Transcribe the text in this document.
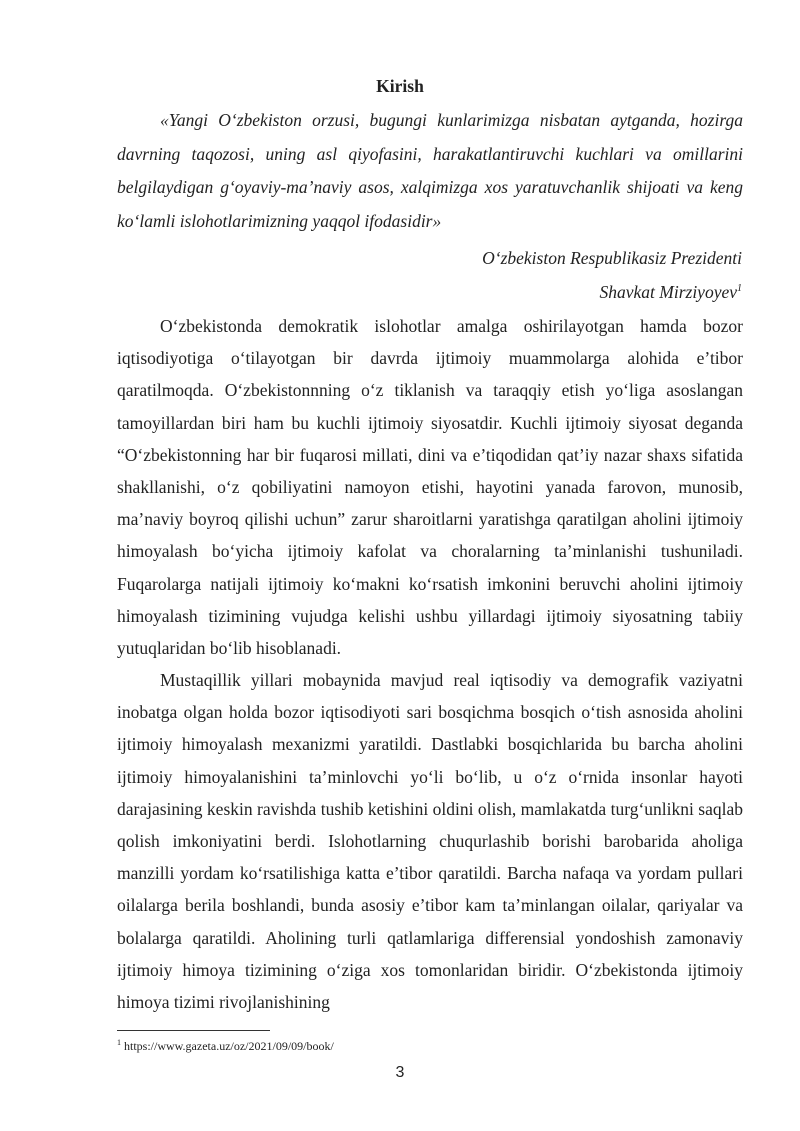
Kirish

«Yangi O‘zbekiston orzusi, bugungi kunlarimizga nisbatan aytganda, hozirga davrning taqozosi, uning asl qiyofasini, harakatlantiruvchi kuchlari va omillarini belgilaydigan g‘oyaviy-ma’naviy asos, xalqimizga xos yaratuvchanlik shijoati va keng ko‘lamli islohotlarimizning yaqqol ifodasidir»

O‘zbekiston Respublikasiz Prezidenti

Shavkat Mirziyoyev$^1$

O‘zbekistonda demokratik islohotlar amalga oshirilayotgan hamda bozor iqtisodiyotiga o‘tilayotgan bir davrda ijtimoiy muammolarga alohida e’tibor qaratilmoqda. O‘zbekistonnning o‘z tiklanish va taraqqiy etish yo‘liga asoslangan tamoyillardan biri ham bu kuchli ijtimoiy siyosatdir. Kuchli ijtimoiy siyosat deganda “O‘zbekistonning har bir fuqarosi millati, dini va e’tiqodidan qat’iy nazar shaxs sifatida shakllanishi, o‘z qobiliyatini namoyon etishi, hayotini yanada farovon, munosib, ma’naviy boyroq qilishi uchun” zarur sharoitlarni yaratishga qaratilgan aholini ijtimoiy himoyalash bo‘yicha ijtimoiy kafolat va choralarning ta’minlanishi tushuniladi. Fuqarolarga natijali ijtimoiy ko‘makni ko‘rsatish imkonini beruvchi aholini ijtimoiy himoyalash tizimining vujudga kelishi ushbu yillardagi ijtimoiy siyosatning tabiiy yutuqlaridan bo‘lib hisoblanadi.

Mustaqillik yillari mobaynida mavjud real iqtisodiy va demografik vaziyatni inobatga olgan holda bozor iqtisodiyoti sari bosqichma bosqich o‘tish asnosida aholini ijtimoiy himoyalash mexanizmi yaratildi. Dastlabki bosqichlarida bu barcha aholini ijtimoiy himoyalanishini ta’minlovchi yo‘li bo‘lib, u o‘z o‘rnida insonlar hayoti darajasining keskin ravishda tushib ketishini oldini olish, mamlakatda turg‘unlikni saqlab qolish imkoniyatini berdi. Islohotlarning chuqurlashib borishi barobarida aholiga manzilli yordam ko‘rsatilishiga katta e’tibor qaratildi. Barcha nafaqa va yordam pullari oilalarga berila boshlandi, bunda asosiy e’tibor kam ta’minlangan oilalar, qariyalar va bolalarga qaratildi. Aholining turli qatlamlariga differensial yondoshish zamonaviy ijtimoiy himoya tizimining o‘ziga xos tomonlaridan biridir. O‘zbekistonda ijtimoiy himoya tizimi rivojlanishining

$^1$ https://www.gazeta.uz/oz/2021/09/09/book/

3
